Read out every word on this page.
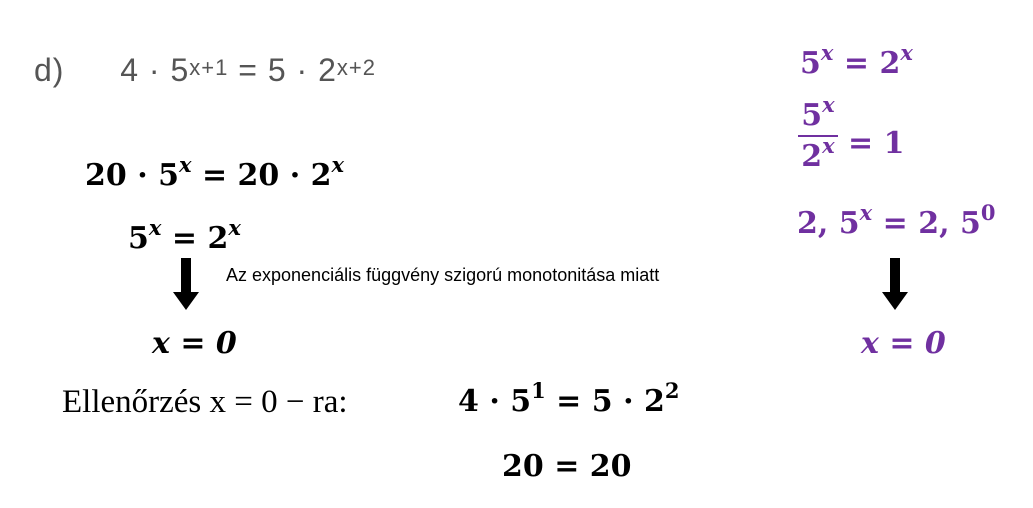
d) $4 \cdot 5^{x+1} = 5 \cdot 2^{x+2}$
$20 \cdot 5^x = 20 \cdot 2^x$
$5^x = 2^x$
Az exponenciális függvény szigorú monotonitása miatt
x = 0
Ellenőrzés x = 0 − ra:	$4 \cdot 5^1 = 5 \cdot 2^2$
20 = 20
$5^x = 2^x$
5$^x$
$2^x = 1$
2, $5^x = 2$, $5^0$
x = 0
